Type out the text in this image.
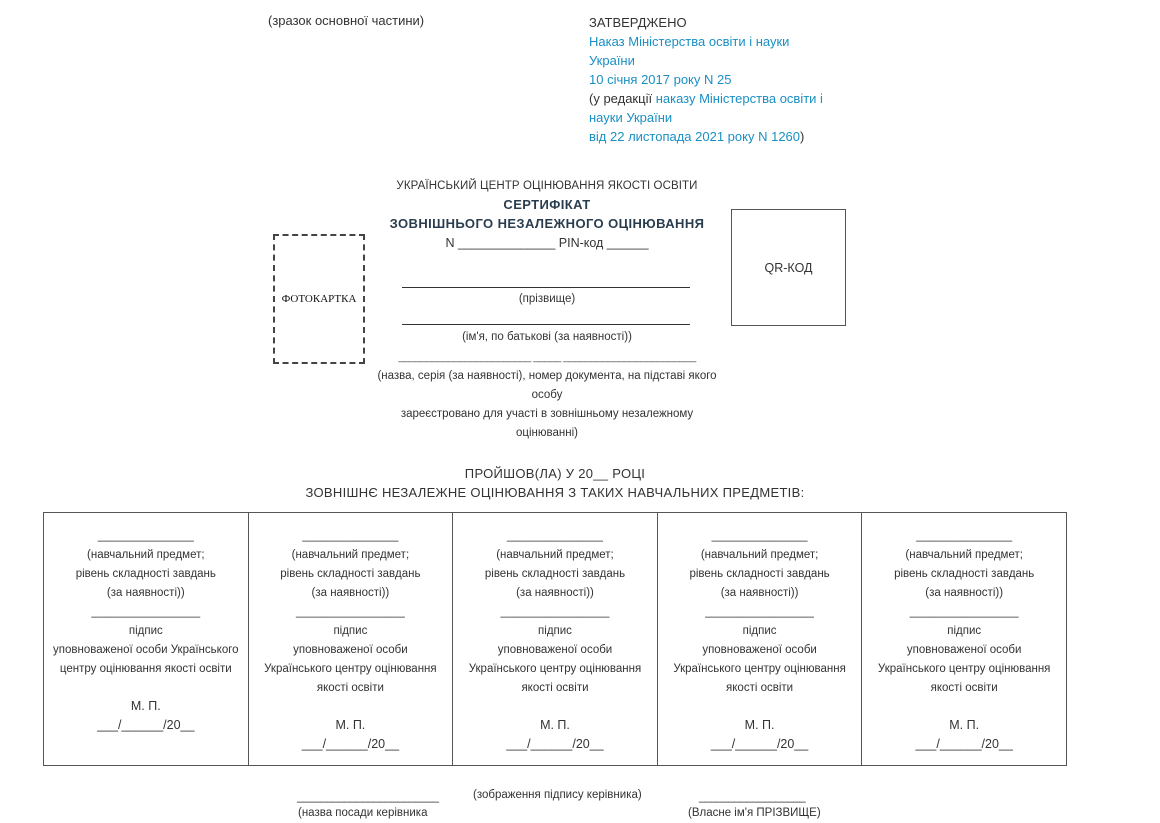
(зразок основної частини)	ЗАТВЕРДЖЕНО
Наказ Міністерства освіти і науки
України
10 січня 2017 року N 25
(у редакції наказу Міністерства освіти і
науки України
від 22 листопада 2021 року N 1260)
УКРАЇНСЬКИЙ ЦЕНТР ОЦІНЮВАННЯ ЯКОСТІ ОСВІТИ
СЕРТИФІКАТ
ЗОВНІШНЬОГО НЕЗАЛЕЖНОГО ОЦІНЮВАННЯ
N ______________ PIN-код ______
ФОТОКАРТКА
QR-КОД
(прізвище)
(ім'я, по батькові (за наявності))
________________________ _____ ________________________
(назва, серія (за наявності), номер документа, на підставі якого
особу
зареєстровано для участі в зовнішньому незалежному
оцінюванні)
ПРОЙШОВ(ЛА) У 20__ РОЦІ
ЗОВНІШНЄ НЕЗАЛЕЖНЕ ОЦІНЮВАННЯ З ТАКИХ НАВЧАЛЬНИХ ПРЕДМЕТІВ:
_______________
(навчальний предмет;
рівень складності завдань
(за наявності))
_________________
підпис
уповноваженої особи Українського
центру оцінювання якості освіти
М. П.
___/______/20__
_______________
(навчальний предмет;
рівень складності завдань
(за наявності))
_________________
підпис
уповноваженої особи
Українського центру оцінювання
якості освіти
М. П.
___/______/20__
_______________
(навчальний предмет;
рівень складності завдань
(за наявності))
_________________
підпис
уповноваженої особи
Українського центру оцінювання
якості освіти
М. П.
___/______/20__
_______________
(навчальний предмет;
рівень складності завдань
(за наявності))
_________________
підпис
уповноваженої особи
Українського центру оцінювання
якості освіти
М. П.
___/______/20__
_______________
(навчальний предмет;
рівень складності завдань
(за наявності))
_________________
підпис
уповноваженої особи
Українського центру оцінювання
якості освіти
М. П.
___/______/20__
________________________
(назва посади керівника
(зображення підпису керівника)	__________________
(Власне ім'я ПРІЗВИЩЕ)
